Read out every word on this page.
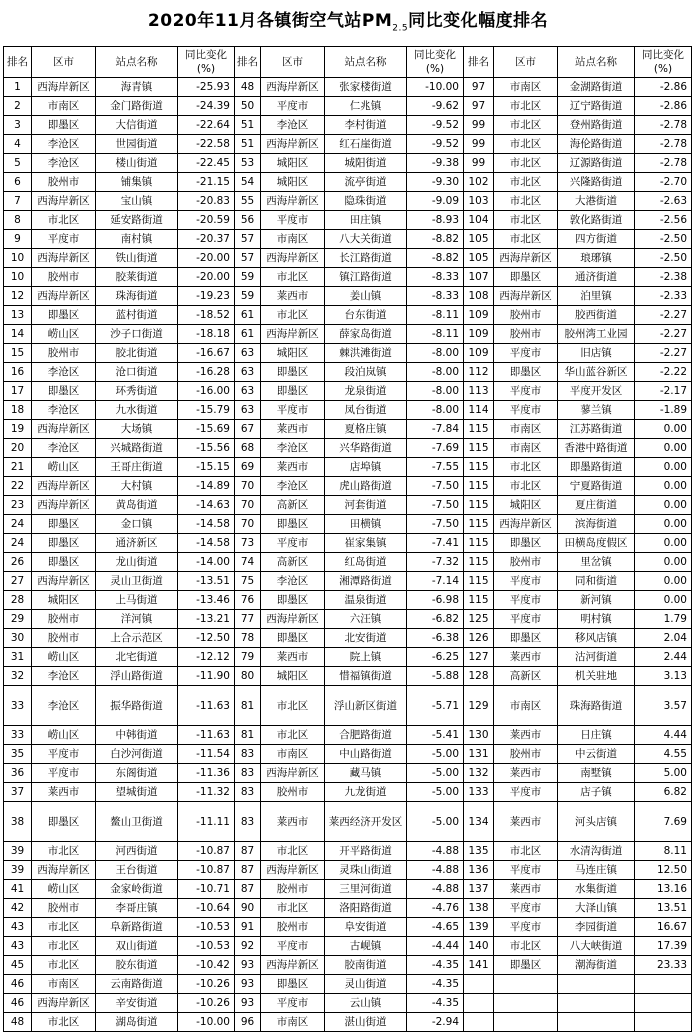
2020年11月各镇街空气站$PM_{2.5}$同比变化幅度排名
排名	区市	站点名称	同比变化(%)	排名	区市	站点名称	同比变化(%)	排名	区市	站点名称	同比变化(%)
1	西海岸新区	海青镇	-25.93	48	西海岸新区	张家楼街道	-10.00	97	市南区	金湖路街道	-2.86
2	市南区	金门路街道	-24.39	50	平度市	仁兆镇	-9.62	97	市北区	辽宁路街道	-2.86
3	即墨区	大信街道	-22.64	51	李沧区	李村街道	-9.52	99	市北区	登州路街道	-2.78
4	李沧区	世园街道	-22.58	51	西海岸新区	红石崖街道	-9.52	99	市北区	海伦路街道	-2.78
5	李沧区	楼山街道	-22.45	53	城阳区	城阳街道	-9.38	99	市北区	辽源路街道	-2.78
6	胶州市	铺集镇	-21.15	54	城阳区	流亭街道	-9.30	102	市北区	兴隆路街道	-2.70
7	西海岸新区	宝山镇	-20.83	55	西海岸新区	隐珠街道	-9.09	103	市北区	大港街道	-2.63
8	市北区	延安路街道	-20.59	56	平度市	田庄镇	-8.93	104	市北区	敦化路街道	-2.56
9	平度市	南村镇	-20.37	57	市南区	八大关街道	-8.82	105	市北区	四方街道	-2.50
10	西海岸新区	铁山街道	-20.00	57	西海岸新区	长江路街道	-8.82	105	西海岸新区	琅琊镇	-2.50
10	胶州市	胶莱街道	-20.00	59	市北区	镇江路街道	-8.33	107	即墨区	通济街道	-2.38
12	西海岸新区	珠海街道	-19.23	59	莱西市	姜山镇	-8.33	108	西海岸新区	泊里镇	-2.33
13	即墨区	蓝村街道	-18.52	61	市北区	台东街道	-8.11	109	胶州市	胶西街道	-2.27
14	崂山区	沙子口街道	-18.18	61	西海岸新区	薛家岛街道	-8.11	109	胶州市	胶州湾工业园	-2.27
15	胶州市	胶北街道	-16.67	63	城阳区	棘洪滩街道	-8.00	109	平度市	旧店镇	-2.27
16	李沧区	沧口街道	-16.28	63	即墨区	段泊岚镇	-8.00	112	即墨区	华山蓝谷新区	-2.22
17	即墨区	环秀街道	-16.00	63	即墨区	龙泉街道	-8.00	113	平度市	平度开发区	-2.17
18	李沧区	九水街道	-15.79	63	平度市	凤台街道	-8.00	114	平度市	蓼兰镇	-1.89
19	西海岸新区	大场镇	-15.69	67	莱西市	夏格庄镇	-7.84	115	市南区	江苏路街道	0.00
20	李沧区	兴城路街道	-15.56	68	李沧区	兴华路街道	-7.69	115	市南区	香港中路街道	0.00
21	崂山区	王哥庄街道	-15.15	69	莱西市	店埠镇	-7.55	115	市北区	即墨路街道	0.00
22	西海岸新区	大村镇	-14.89	70	李沧区	虎山路街道	-7.50	115	市北区	宁夏路街道	0.00
23	西海岸新区	黄岛街道	-14.63	70	高新区	河套街道	-7.50	115	城阳区	夏庄街道	0.00
24	即墨区	金口镇	-14.58	70	即墨区	田横镇	-7.50	115	西海岸新区	滨海街道	0.00
24	即墨区	通济新区	-14.58	73	平度市	崔家集镇	-7.41	115	即墨区	田横岛度假区	0.00
26	即墨区	龙山街道	-14.00	74	高新区	红岛街道	-7.32	115	胶州市	里岔镇	0.00
27	西海岸新区	灵山卫街道	-13.51	75	李沧区	湘潭路街道	-7.14	115	平度市	同和街道	0.00
28	城阳区	上马街道	-13.46	76	即墨区	温泉街道	-6.98	115	平度市	新河镇	0.00
29	胶州市	洋河镇	-13.21	77	西海岸新区	六汪镇	-6.82	125	平度市	明村镇	1.79
30	胶州市	上合示范区	-12.50	78	即墨区	北安街道	-6.38	126	即墨区	移风店镇	2.04
31	崂山区	北宅街道	-12.12	79	莱西市	院上镇	-6.25	127	莱西市	沽河街道	2.44
32	李沧区	浮山路街道	-11.90	80	城阳区	惜福镇街道	-5.88	128	高新区	机关驻地	3.13
33	李沧区	振华路街道	-11.63	81	市北区	浮山新区街道	-5.71	129	市南区	珠海路街道	3.57
33	崂山区	中韩街道	-11.63	81	市北区	合肥路街道	-5.41	130	莱西市	日庄镇	4.44
35	平度市	白沙河街道	-11.54	83	市南区	中山路街道	-5.00	131	胶州市	中云街道	4.55
36	平度市	东阁街道	-11.36	83	西海岸新区	藏马镇	-5.00	132	莱西市	南墅镇	5.00
37	莱西市	望城街道	-11.32	83	胶州市	九龙街道	-5.00	133	平度市	店子镇	6.82
38	即墨区	鳌山卫街道	-11.11	83	莱西市	莱西经济开发区	-5.00	134	莱西市	河头店镇	7.69
39	市北区	河西街道	-10.87	87	市北区	开平路街道	-4.88	135	市北区	水清沟街道	8.11
39	西海岸新区	王台街道	-10.87	87	西海岸新区	灵珠山街道	-4.88	136	平度市	马连庄镇	12.50
41	崂山区	金家岭街道	-10.71	87	胶州市	三里河街道	-4.88	137	莱西市	水集街道	13.16
42	胶州市	李哥庄镇	-10.64	90	市北区	洛阳路街道	-4.76	138	平度市	大泽山镇	13.51
43	市北区	阜新路街道	-10.53	91	胶州市	阜安街道	-4.65	139	平度市	李园街道	16.67
43	市北区	双山街道	-10.53	92	平度市	古岘镇	-4.44	140	市北区	八大峡街道	17.39
45	市北区	胶东街道	-10.42	93	西海岸新区	胶南街道	-4.35	141	即墨区	潮海街道	23.33
46	市南区	云南路街道	-10.26	93	即墨区	灵山街道	-4.35				
46	西海岸新区	辛安街道	-10.26	93	平度市	云山镇	-4.35				
48	市北区	湖岛街道	-10.00	96	市南区	湛山街道	-2.94				
